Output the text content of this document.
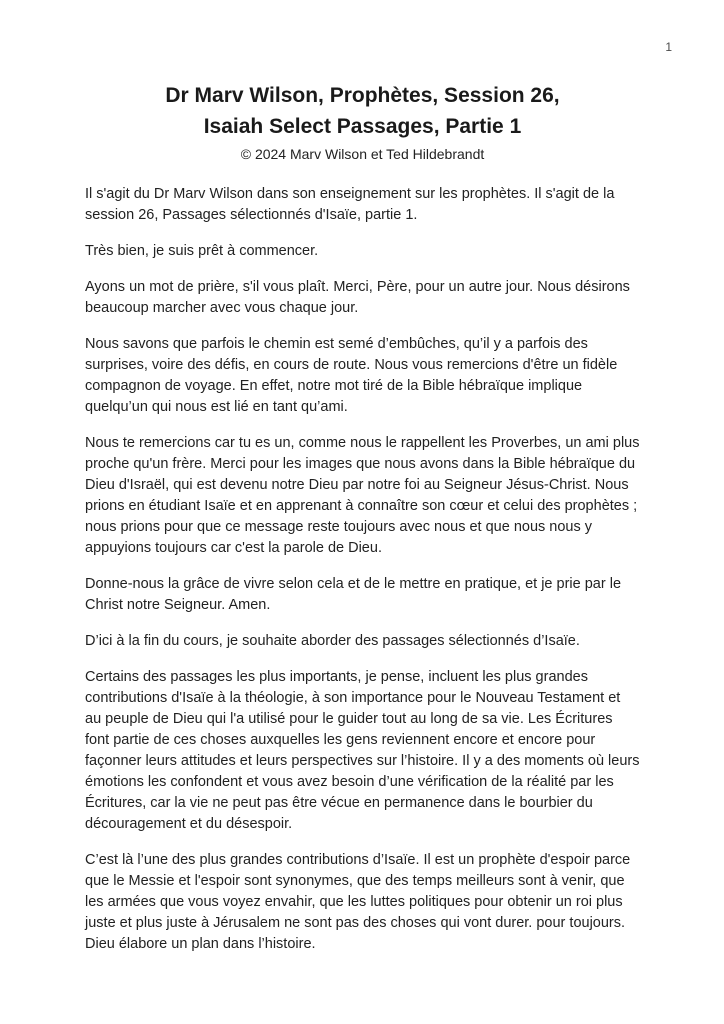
1
Dr Marv Wilson, Prophètes, Session 26,
Isaiah Select Passages, Partie 1
© 2024 Marv Wilson et Ted Hildebrandt

Il s'agit du Dr Marv Wilson dans son enseignement sur les prophètes. Il s'agit de la session 26, Passages sélectionnés d'Isaïe, partie 1.

Très bien, je suis prêt à commencer.

Ayons un mot de prière, s'il vous plaît. Merci, Père, pour un autre jour. Nous désirons beaucoup marcher avec vous chaque jour.

Nous savons que parfois le chemin est semé d’embûches, qu’il y a parfois des surprises, voire des défis, en cours de route. Nous vous remercions d'être un fidèle compagnon de voyage. En effet, notre mot tiré de la Bible hébraïque implique quelqu’un qui nous est lié en tant qu’ami.

Nous te remercions car tu es un, comme nous le rappellent les Proverbes, un ami plus proche qu'un frère. Merci pour les images que nous avons dans la Bible hébraïque du Dieu d'Israël, qui est devenu notre Dieu par notre foi au Seigneur Jésus-Christ. Nous prions en étudiant Isaïe et en apprenant à connaître son cœur et celui des prophètes ; nous prions pour que ce message reste toujours avec nous et que nous nous y appuyions toujours car c'est la parole de Dieu.

Donne-nous la grâce de vivre selon cela et de le mettre en pratique, et je prie par le Christ notre Seigneur. Amen.

D’ici à la fin du cours, je souhaite aborder des passages sélectionnés d’Isaïe.

Certains des passages les plus importants, je pense, incluent les plus grandes contributions d'Isaïe à la théologie, à son importance pour le Nouveau Testament et au peuple de Dieu qui l'a utilisé pour le guider tout au long de sa vie. Les Écritures font partie de ces choses auxquelles les gens reviennent encore et encore pour façonner leurs attitudes et leurs perspectives sur l’histoire. Il y a des moments où leurs émotions les confondent et vous avez besoin d’une vérification de la réalité par les Écritures, car la vie ne peut pas être vécue en permanence dans le bourbier du découragement et du désespoir.

C’est là l’une des plus grandes contributions d’Isaïe. Il est un prophète d'espoir parce que le Messie et l'espoir sont synonymes, que des temps meilleurs sont à venir, que les armées que vous voyez envahir, que les luttes politiques pour obtenir un roi plus juste et plus juste à Jérusalem ne sont pas des choses qui vont durer. pour toujours. Dieu élabore un plan dans l’histoire.
